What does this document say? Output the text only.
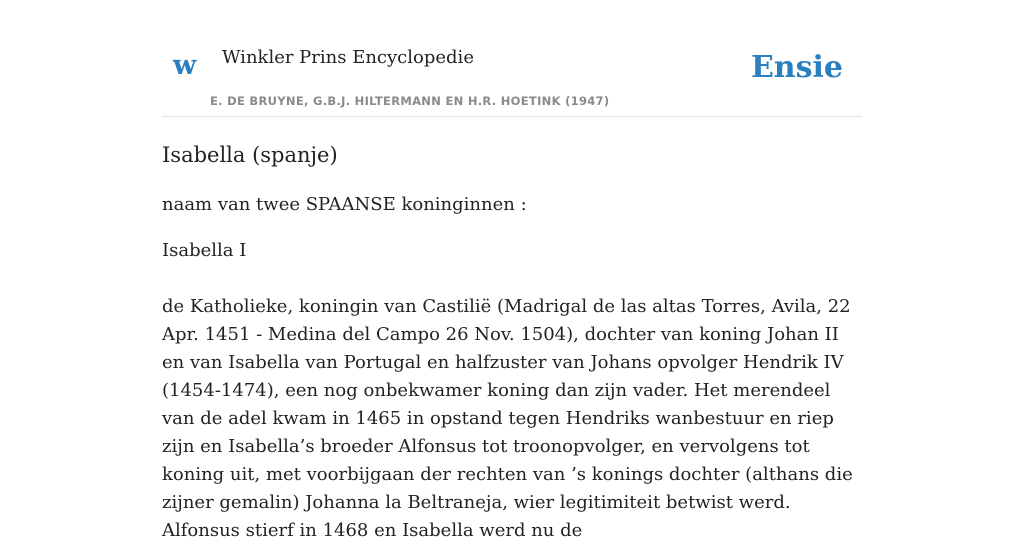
w Winkler Prins Encyclopedie
E. DE BRUYNE, G.B.J. HILTERMANN EN H.R. HOETINK (1947)
Ensie
Isabella (spanje)

naam van twee SPAANSE koninginnen :

Isabella I

de Katholieke, koningin van Castilië (Madrigal de las altas Torres, Avila, 22 Apr. 1451 - Medina del Campo 26 Nov. 1504), dochter van koning Johan II en van Isabella van Portugal en halfzuster van Johans opvolger Hendrik IV (1454-1474), een nog onbekwamer koning dan zijn vader. Het merendeel van de adel kwam in 1465 in opstand tegen Hendriks wanbestuur en riep zijn en Isabella’s broeder Alfonsus tot troonopvolger, en vervolgens tot koning uit, met voorbijgaan der rechten van ’s konings dochter (althans die zijner gemalin) Johanna la Beltraneja, wier legitimiteit betwist werd. Alfonsus stierf in 1468 en Isabella werd nu de
